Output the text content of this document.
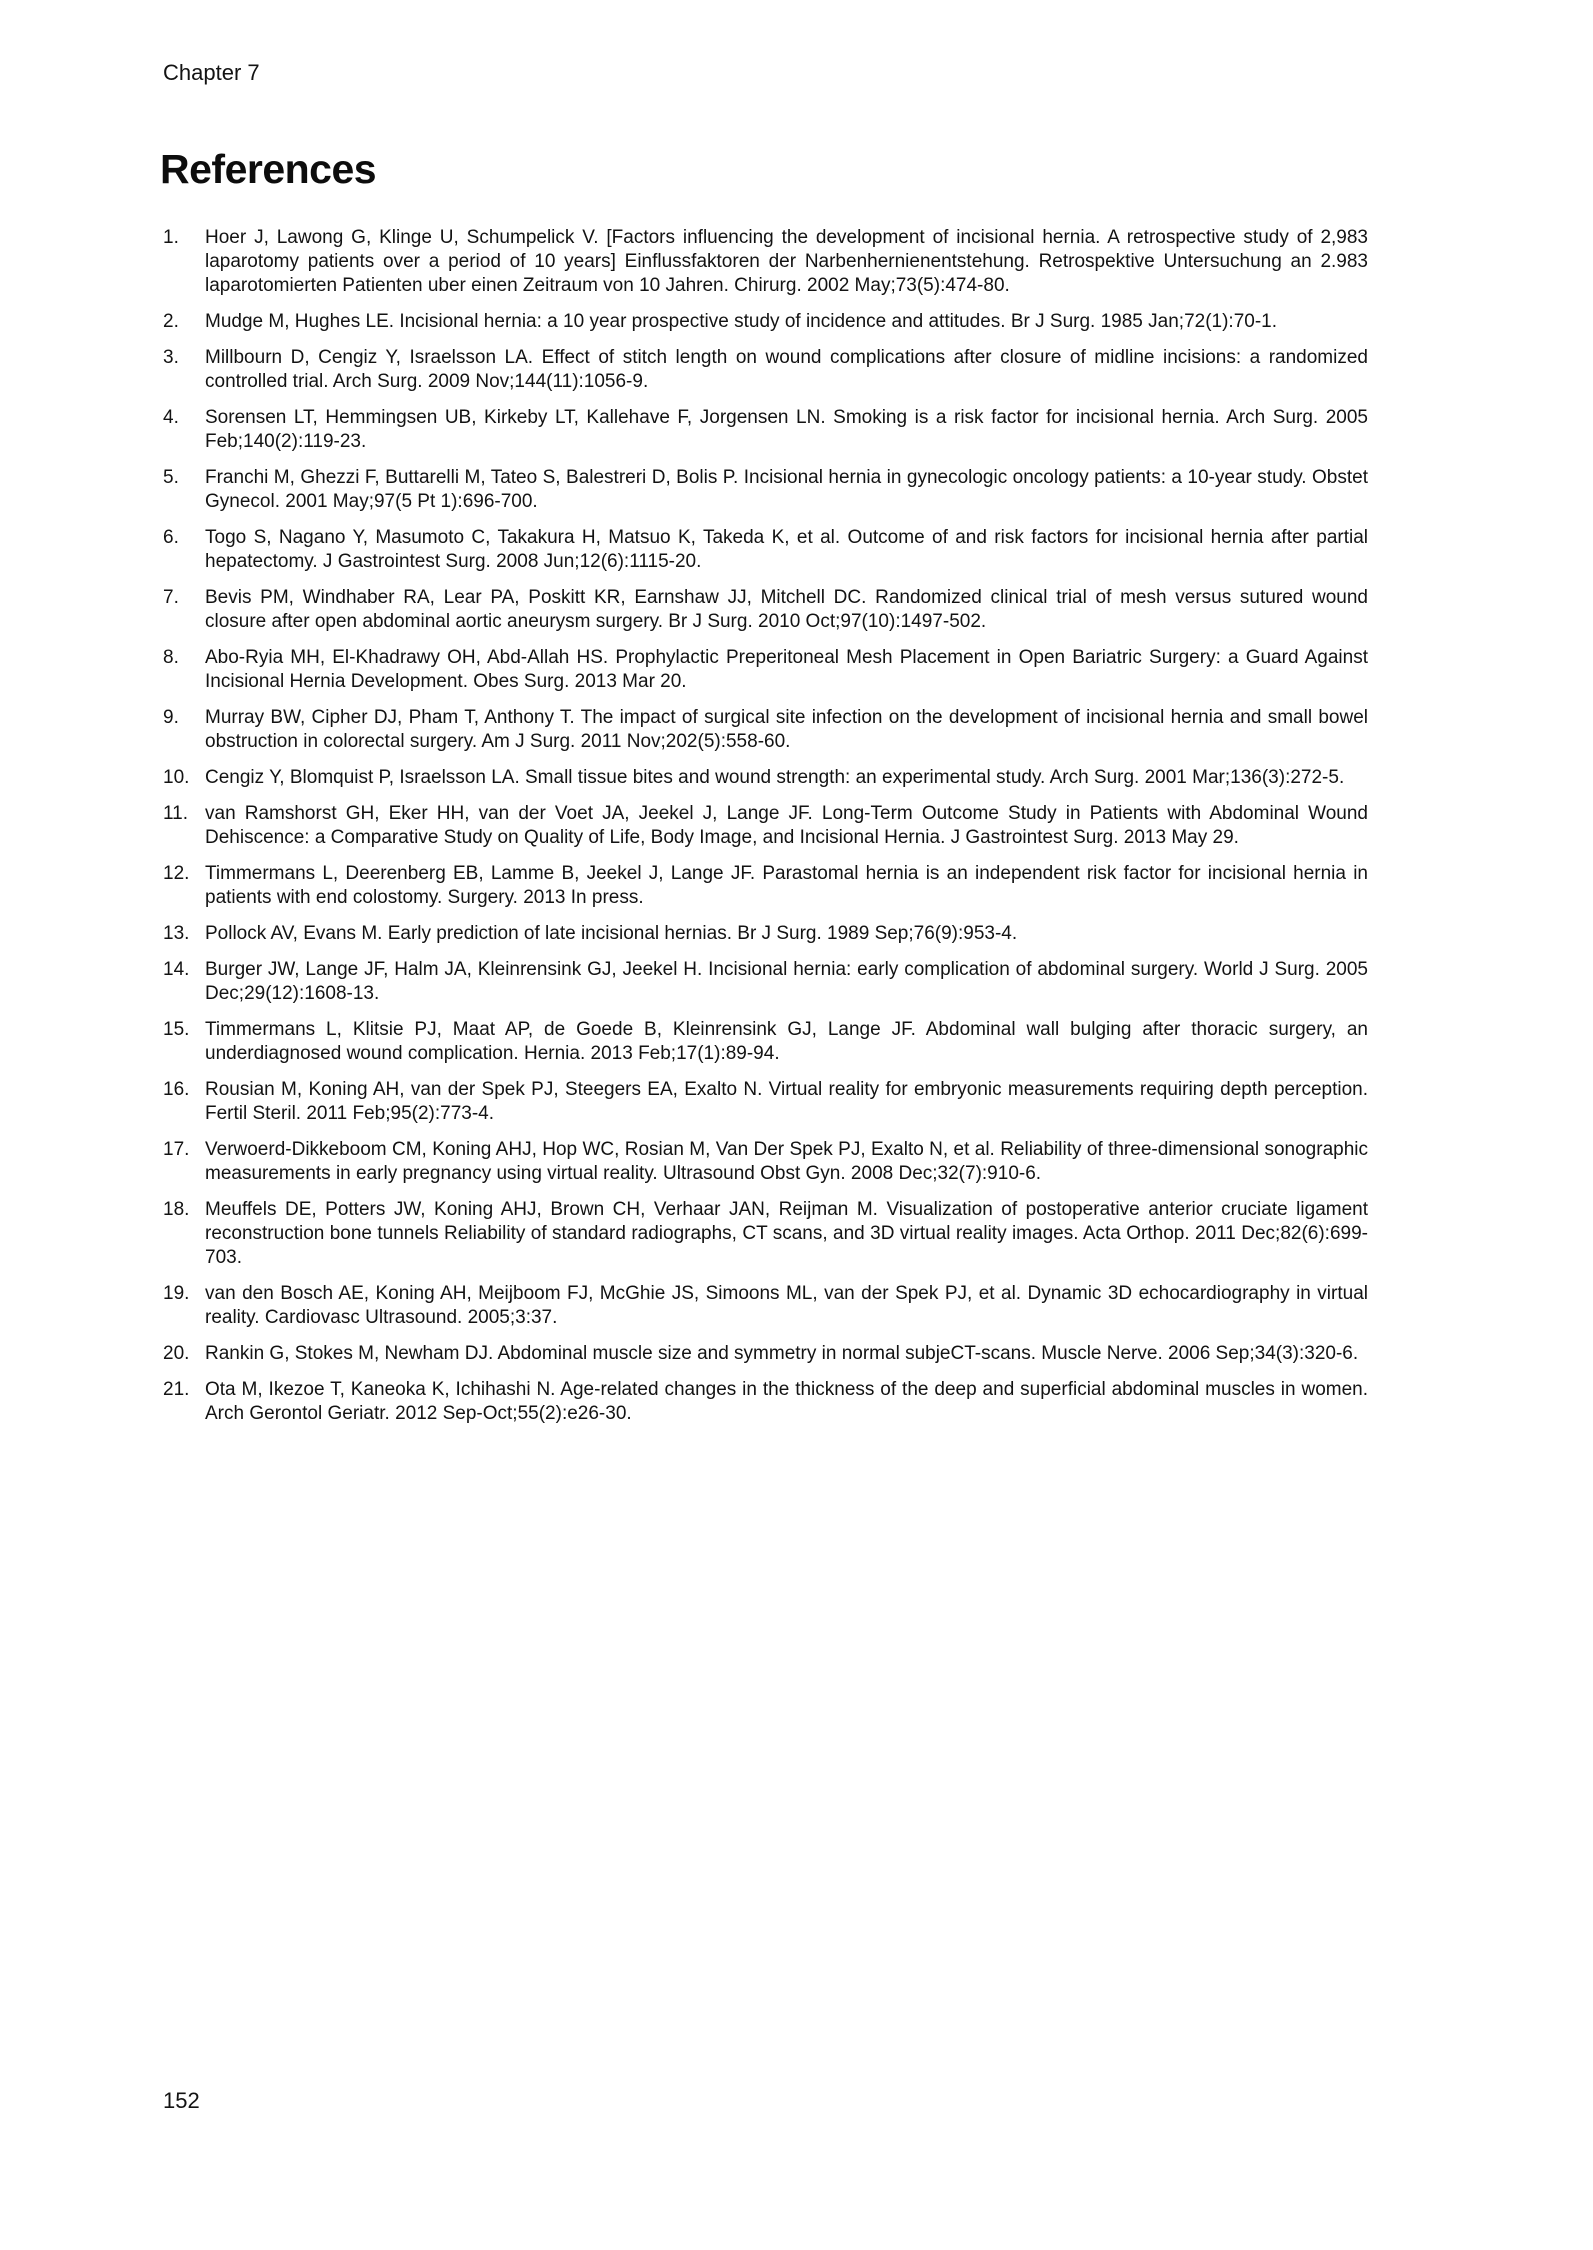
Chapter 7
References
1.	Hoer J, Lawong G, Klinge U, Schumpelick V. [Factors influencing the development of incisional hernia. A retrospective study of 2,983 laparotomy patients over a period of 10 years] Einflussfaktoren der Narbenhernienentstehung. Retrospektive Untersuchung an 2.983 laparotomierten Patienten uber einen Zeitraum von 10 Jahren. Chirurg. 2002 May;73(5):474-80.
2.	Mudge M, Hughes LE. Incisional hernia: a 10 year prospective study of incidence and attitudes. Br J Surg. 1985 Jan;72(1):70-1.
3.	Millbourn D, Cengiz Y, Israelsson LA. Effect of stitch length on wound complications after closure of midline incisions: a randomized controlled trial. Arch Surg. 2009 Nov;144(11):1056-9.
4.	Sorensen LT, Hemmingsen UB, Kirkeby LT, Kallehave F, Jorgensen LN. Smoking is a risk factor for incisional hernia. Arch Surg. 2005 Feb;140(2):119-23.
5.	Franchi M, Ghezzi F, Buttarelli M, Tateo S, Balestreri D, Bolis P. Incisional hernia in gynecologic oncology patients: a 10-year study. Obstet Gynecol. 2001 May;97(5 Pt 1):696-700.
6.	Togo S, Nagano Y, Masumoto C, Takakura H, Matsuo K, Takeda K, et al. Outcome of and risk factors for incisional hernia after partial hepatectomy. J Gastrointest Surg. 2008 Jun;12(6):1115-20.
7.	Bevis PM, Windhaber RA, Lear PA, Poskitt KR, Earnshaw JJ, Mitchell DC. Randomized clinical trial of mesh versus sutured wound closure after open abdominal aortic aneurysm surgery. Br J Surg. 2010 Oct;97(10):1497-502.
8.	Abo-Ryia MH, El-Khadrawy OH, Abd-Allah HS. Prophylactic Preperitoneal Mesh Placement in Open Bariatric Surgery: a Guard Against Incisional Hernia Development. Obes Surg. 2013 Mar 20.
9.	Murray BW, Cipher DJ, Pham T, Anthony T. The impact of surgical site infection on the development of incisional hernia and small bowel obstruction in colorectal surgery. Am J Surg. 2011 Nov;202(5):558-60.
10. Cengiz Y, Blomquist P, Israelsson LA. Small tissue bites and wound strength: an experimental study. Arch Surg. 2001 Mar;136(3):272-5.
11. van Ramshorst GH, Eker HH, van der Voet JA, Jeekel J, Lange JF. Long-Term Outcome Study in Patients with Abdominal Wound Dehiscence: a Comparative Study on Quality of Life, Body Image, and Incisional Hernia. J Gastrointest Surg. 2013 May 29.
12. Timmermans L, Deerenberg EB, Lamme B, Jeekel J, Lange JF. Parastomal hernia is an independent risk factor for incisional hernia in patients with end colostomy. Surgery. 2013 In press.
13. Pollock AV, Evans M. Early prediction of late incisional hernias. Br J Surg. 1989 Sep;76(9):953-4.
14. Burger JW, Lange JF, Halm JA, Kleinrensink GJ, Jeekel H. Incisional hernia: early complication of abdominal surgery. World J Surg. 2005 Dec;29(12):1608-13.
15. Timmermans L, Klitsie PJ, Maat AP, de Goede B, Kleinrensink GJ, Lange JF. Abdominal wall bulging after thoracic surgery, an underdiagnosed wound complication. Hernia. 2013 Feb;17(1):89-94.
16. Rousian M, Koning AH, van der Spek PJ, Steegers EA, Exalto N. Virtual reality for embryonic measurements requiring depth perception. Fertil Steril. 2011 Feb;95(2):773-4.
17. Verwoerd-Dikkeboom CM, Koning AHJ, Hop WC, Rosian M, Van Der Spek PJ, Exalto N, et al. Reliability of three-dimensional sonographic measurements in early pregnancy using virtual reality. Ultrasound Obst Gyn. 2008 Dec;32(7):910-6.
18. Meuffels DE, Potters JW, Koning AHJ, Brown CH, Verhaar JAN, Reijman M. Visualization of postoperative anterior cruciate ligament reconstruction bone tunnels Reliability of standard radiographs, CT scans, and 3D virtual reality images. Acta Orthop. 2011 Dec;82(6):699-703.
19. van den Bosch AE, Koning AH, Meijboom FJ, McGhie JS, Simoons ML, van der Spek PJ, et al. Dynamic 3D echocardiography in virtual reality. Cardiovasc Ultrasound. 2005;3:37.
20. Rankin G, Stokes M, Newham DJ. Abdominal muscle size and symmetry in normal subjeCT-scans. Muscle Nerve. 2006 Sep;34(3):320-6.
21. Ota M, Ikezoe T, Kaneoka K, Ichihashi N. Age-related changes in the thickness of the deep and superficial abdominal muscles in women. Arch Gerontol Geriatr. 2012 Sep-Oct;55(2):e26-30.
152
